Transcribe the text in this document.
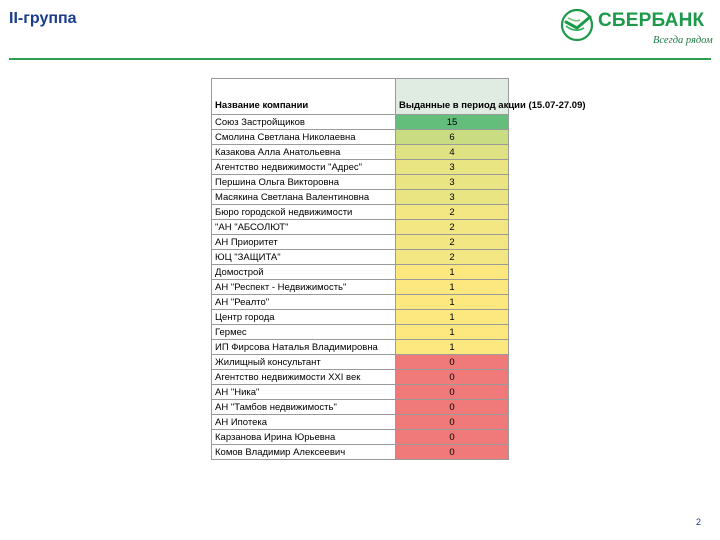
II-группа	СБЕРБАНК
Всегда рядом
Название компании	Выданные в период акции (15.07-27.09)
Союз Застройщиков	15
Смолина Светлана Николаевна	6
Казакова Алла Анатольевна	4
Агентство недвижимости "Адрес"	3
Першина Ольга Викторовна	3
Масякина Светлана Валентиновна	3
Бюро городской недвижимости	2
"АН "АБСОЛЮТ"	2
АН Приоритет	2
ЮЦ "ЗАЩИТА"	2
Домострой	1
АН "Респект - Недвижимость"	1
АН "Реалто"	1
Центр города	1
Гермес	1
ИП Фирсова Наталья Владимировна	1
Жилищный консультант	0
Агентство недвижимости XXI век	0
АН "Ника"	0
АН "Тамбов недвижимость"	0
АН Ипотека	0
Карзанова Ирина Юрьевна	0
Комов Владимир Алексеевич	0
2
